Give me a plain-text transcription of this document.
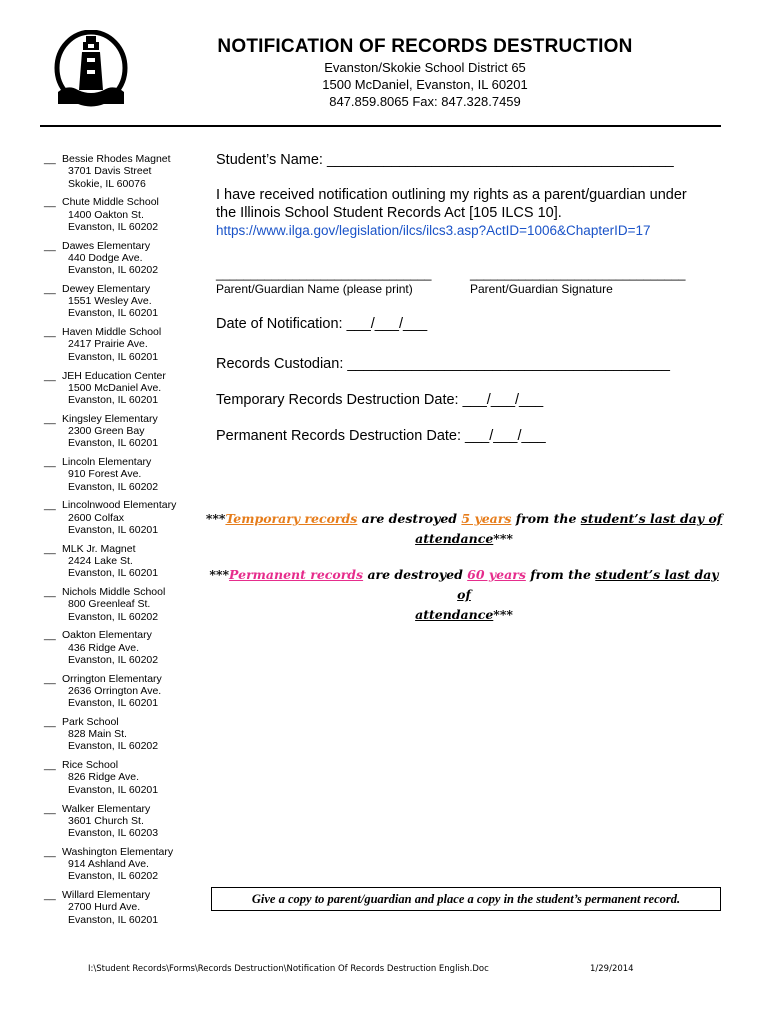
NOTIFICATION OF RECORDS DESTRUCTION
Evanston/Skokie School District 65
1500 McDaniel, Evanston, IL 60201
847.859.8065 Fax: 847.328.7459
__ Bessie Rhodes Magnet
3701 Davis Street
Skokie, IL 60076
__ Chute Middle School
1400 Oakton St.
Evanston, IL 60202
__ Dawes Elementary
440 Dodge Ave.
Evanston, IL 60202
__ Dewey Elementary
1551 Wesley Ave.
Evanston, IL 60201
__ Haven Middle School
2417 Prairie Ave.
Evanston, IL 60201
__ JEH Education Center
1500 McDaniel Ave.
Evanston, IL 60201
__ Kingsley Elementary
2300 Green Bay
Evanston, IL 60201
__ Lincoln Elementary
910 Forest Ave.
Evanston, IL 60202
__ Lincolnwood Elementary
2600 Colfax
Evanston, IL 60201
__ MLK Jr. Magnet
2424 Lake St.
Evanston, IL 60201
__ Nichols Middle School
800 Greenleaf St.
Evanston, IL 60202
__ Oakton Elementary
436 Ridge Ave.
Evanston, IL 60202
__ Orrington Elementary
2636 Orrington Ave.
Evanston, IL 60201
__ Park School
828 Main St.
Evanston, IL 60202
__ Rice School
826 Ridge Ave.
Evanston, IL 60201
__ Walker Elementary
3601 Church St.
Evanston, IL 60203
__ Washington Elementary
914 Ashland Ave.
Evanston, IL 60202
__ Willard Elementary
2700 Hurd Ave.
Evanston, IL 60201
Student’s Name: ___________________________________________
I have received notification outlining my rights as a parent/guardian under
the Illinois School Student Records Act [105 ILCS 10].
https://www.ilga.gov/legislation/ilcs/ilcs3.asp?ActID=1006&ChapterID=17
_______________________________	_______________________________
Parent/Guardian Name (please print)	Parent/Guardian Signature
Date of Notification: ___/___/___
Records Custodian: ________________________________________
Temporary Records Destruction Date: ___/___/___
Permanent Records Destruction Date: ___/___/___
***Temporary records are destroyed 5 years from the student’s last day of
attendance***
***Permanent records are destroyed 60 years from the student’s last day of
attendance***
Give a copy to parent/guardian and place a copy in the student’s permanent record.
I:\Student Records\Forms\Records Destruction\Notification Of Records Destruction English.Doc	1/29/2014
